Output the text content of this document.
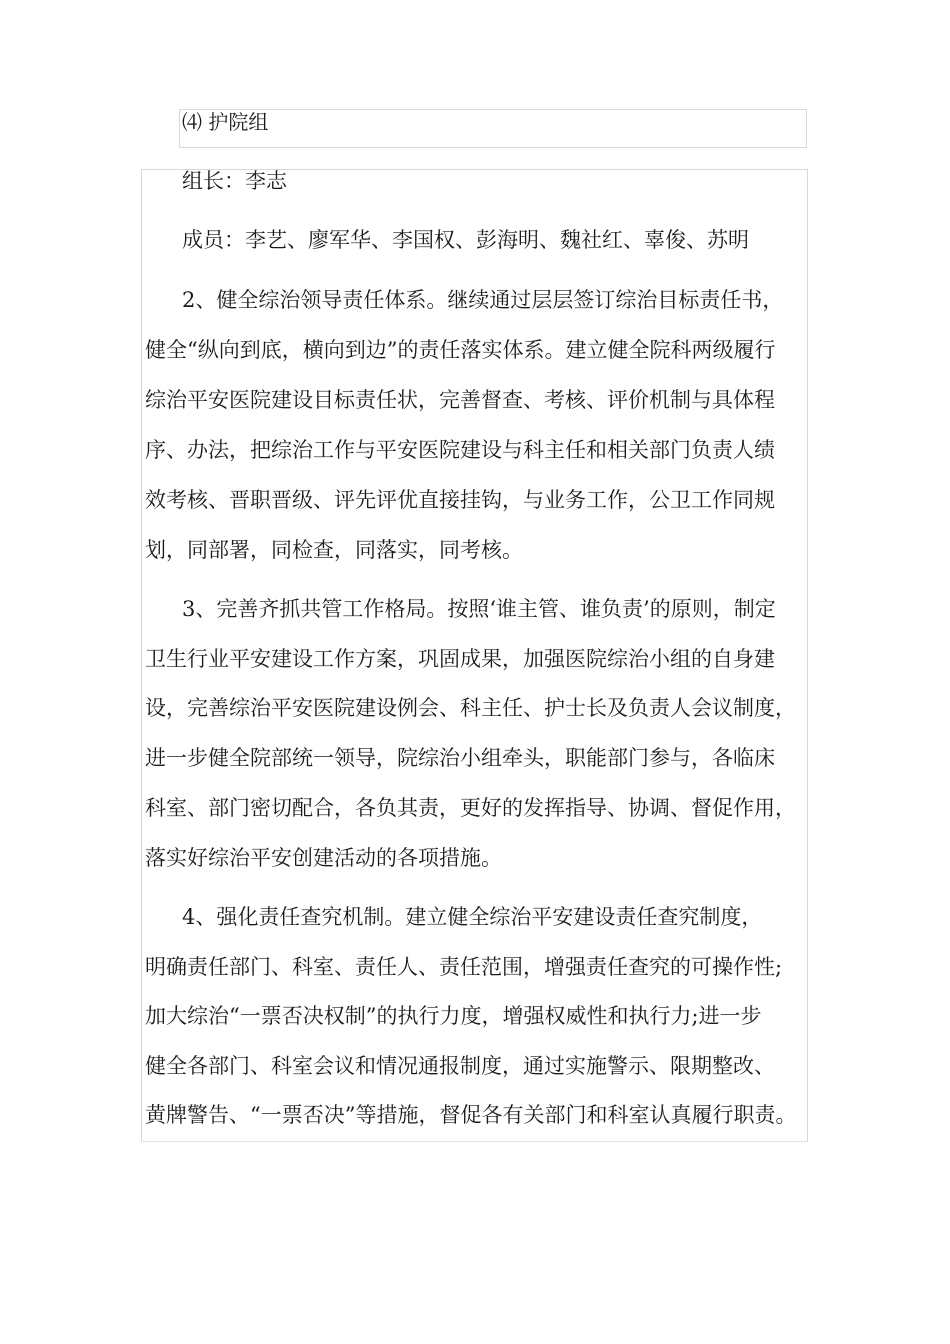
⑷ 护院组
组长：李志
成员：李艺、廖军华、李国权、彭海明、魏社红、辜俊、苏明
2、健全综治领导责任体系。继续通过层层签订综治目标责任书，
健全“纵向到底，横向到边”的责任落实体系。建立健全院科两级履行
综治平安医院建设目标责任状，完善督查、考核、评价机制与具体程
序、办法，把综治工作与平安医院建设与科主任和相关部门负责人绩
效考核、晋职晋级、评先评优直接挂钩，与业务工作，公卫工作同规
划，同部署，同检查，同落实，同考核。
3、完善齐抓共管工作格局。按照‘谁主管、谁负责’的原则，制定
卫生行业平安建设工作方案，巩固成果，加强医院综治小组的自身建
设，完善综治平安医院建设例会、科主任、护士长及负责人会议制度，
进一步健全院部统一领导，院综治小组牵头，职能部门参与，各临床
科室、部门密切配合，各负其责，更好的发挥指导、协调、督促作用，
落实好综治平安创建活动的各项措施。
4、强化责任查究机制。建立健全综治平安建设责任查究制度，
明确责任部门、科室、责任人、责任范围，增强责任查究的可操作性;
加大综治“一票否决权制”的执行力度，增强权威性和执行力;进一步
健全各部门、科室会议和情况通报制度，通过实施警示、限期整改、
黄牌警告、“一票否决”等措施，督促各有关部门和科室认真履行职责。
